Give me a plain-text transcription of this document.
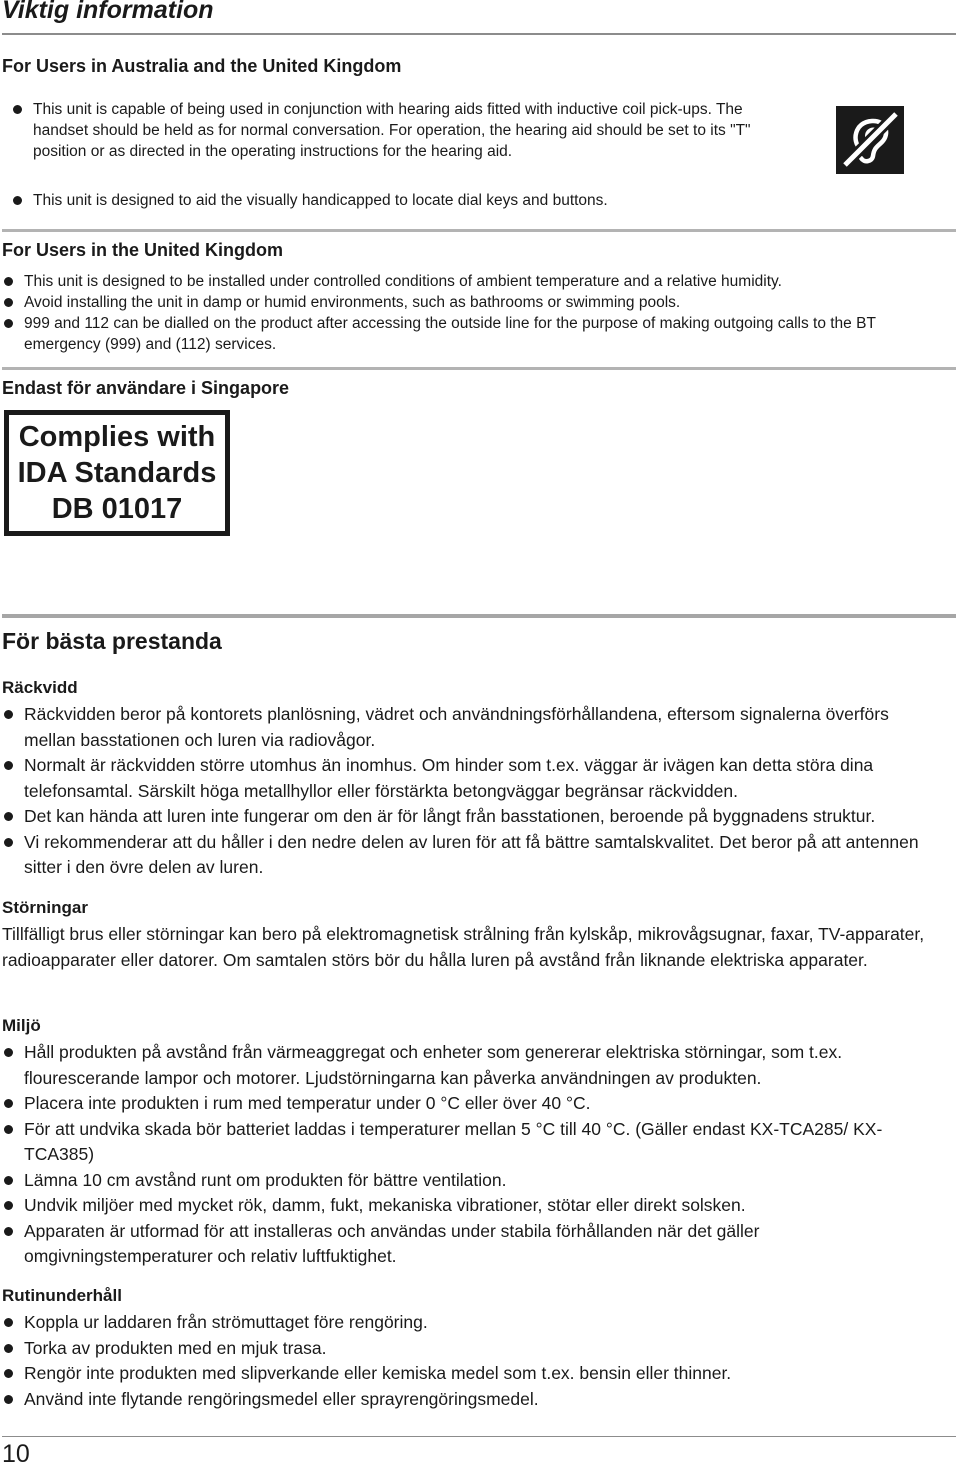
Viktig information
For Users in Australia and the United Kingdom
This unit is capable of being used in conjunction with hearing aids fitted with inductive coil pick-ups. The handset should be held as for normal conversation. For operation, the hearing aid should be set to its "T" position or as directed in the operating instructions for the hearing aid.
This unit is designed to aid the visually handicapped to locate dial keys and buttons.
For Users in the United Kingdom
This unit is designed to be installed under controlled conditions of ambient temperature and a relative humidity.
Avoid installing the unit in damp or humid environments, such as bathrooms or swimming pools.
999 and 112 can be dialled on the product after accessing the outside line for the purpose of making outgoing calls to the BT emergency (999) and (112) services.
Endast för användare i Singapore
Complies with
IDA Standards
DB 01017
För bästa prestanda
Räckvidd
Räckvidden beror på kontorets planlösning, vädret och användningsförhållandena, eftersom signalerna överförs mellan basstationen och luren via radiovågor.
Normalt är räckvidden större utomhus än inomhus. Om hinder som t.ex. väggar är ivägen kan detta störa dina telefonsamtal. Särskilt höga metallhyllor eller förstärkta betongväggar begränsar räckvidden.
Det kan hända att luren inte fungerar om den är för långt från basstationen, beroende på byggnadens struktur.
Vi rekommenderar att du håller i den nedre delen av luren för att få bättre samtalskvalitet. Det beror på att antennen sitter i den övre delen av luren.
Störningar
Tillfälligt brus eller störningar kan bero på elektromagnetisk strålning från kylskåp, mikrovågsugnar, faxar, TV-apparater, radioapparater eller datorer. Om samtalen störs bör du hålla luren på avstånd från liknande elektriska apparater.
Miljö
Håll produkten på avstånd från värmeaggregat och enheter som genererar elektriska störningar, som t.ex. flourescerande lampor och motorer. Ljudstörningarna kan påverka användningen av produkten.
Placera inte produkten i rum med temperatur under 0 °C eller över 40 °C.
För att undvika skada bör batteriet laddas i temperaturer mellan 5 °C till 40 °C. (Gäller endast KX-TCA285/ KX-TCA385)
Lämna 10 cm avstånd runt om produkten för bättre ventilation.
Undvik miljöer med mycket rök, damm, fukt, mekaniska vibrationer, stötar eller direkt solsken.
Apparaten är utformad för att installeras och användas under stabila förhållanden när det gäller omgivningstemperaturer och relativ luftfuktighet.
Rutinunderhåll
Koppla ur laddaren från strömuttaget före rengöring.
Torka av produkten med en mjuk trasa.
Rengör inte produkten med slipverkande eller kemiska medel som t.ex. bensin eller thinner.
Använd inte flytande rengöringsmedel eller sprayrengöringsmedel.
10
